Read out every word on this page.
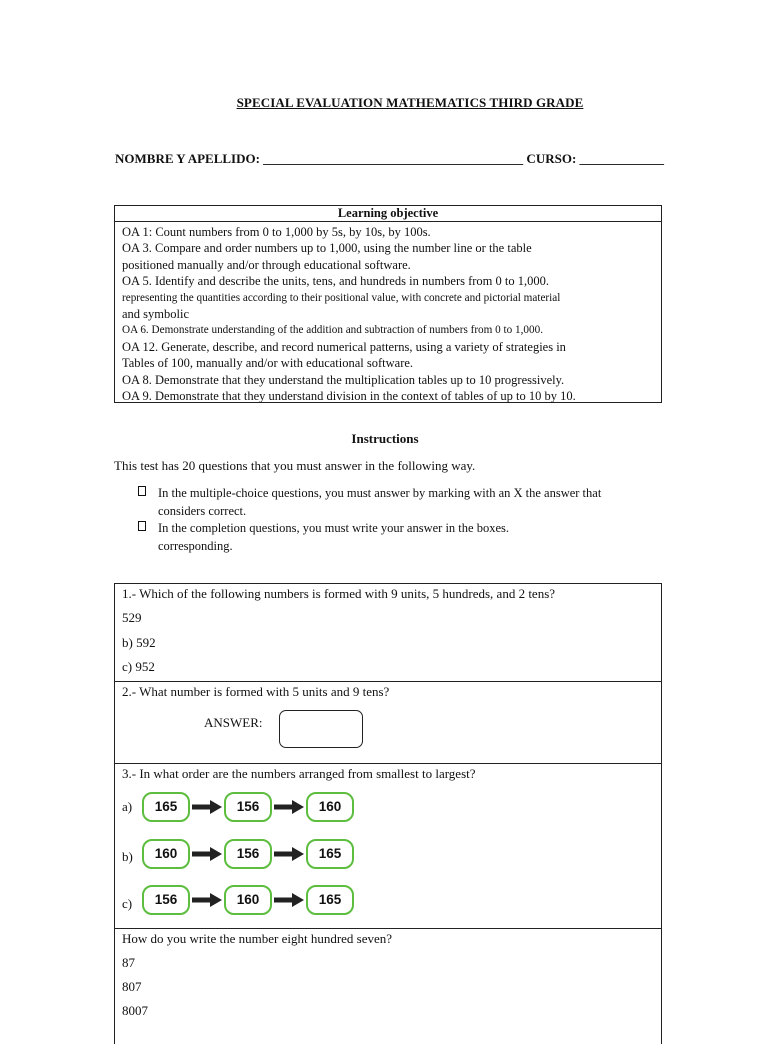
SPECIAL EVALUATION MATHEMATICS THIRD GRADE
NOMBRE Y APELLIDO: ________________________________________ CURSO: _____________
Learning objective
OA 1: Count numbers from 0 to 1,000 by 5s, by 10s, by 100s.
OA 3. Compare and order numbers up to 1,000, using the number line or the table
positioned manually and/or through educational software.
OA 5. Identify and describe the units, tens, and hundreds in numbers from 0 to 1,000.
representing the quantities according to their positional value, with concrete and pictorial material
and symbolic
OA 6. Demonstrate understanding of the addition and subtraction of numbers from 0 to 1,000.
OA 12. Generate, describe, and record numerical patterns, using a variety of strategies in
Tables of 100, manually and/or with educational software.
OA 8. Demonstrate that they understand the multiplication tables up to 10 progressively.
OA 9. Demonstrate that they understand division in the context of tables of up to 10 by 10.
Instructions
This test has 20 questions that you must answer in the following way.
In the multiple-choice questions, you must answer by marking with an X the answer that
considers correct.
In the completion questions, you must write your answer in the boxes.
corresponding.
1.- Which of the following numbers is formed with 9 units, 5 hundreds, and 2 tens?
529
b) 592
c) 952
2.- What number is formed with 5 units and 9 tens?
ANSWER:
3.- In what order are the numbers arranged from smallest to largest?
a)	165	156	160
b)	160	156	165
c)	156	160	165
How do you write the number eight hundred seven?
87
807
8007
